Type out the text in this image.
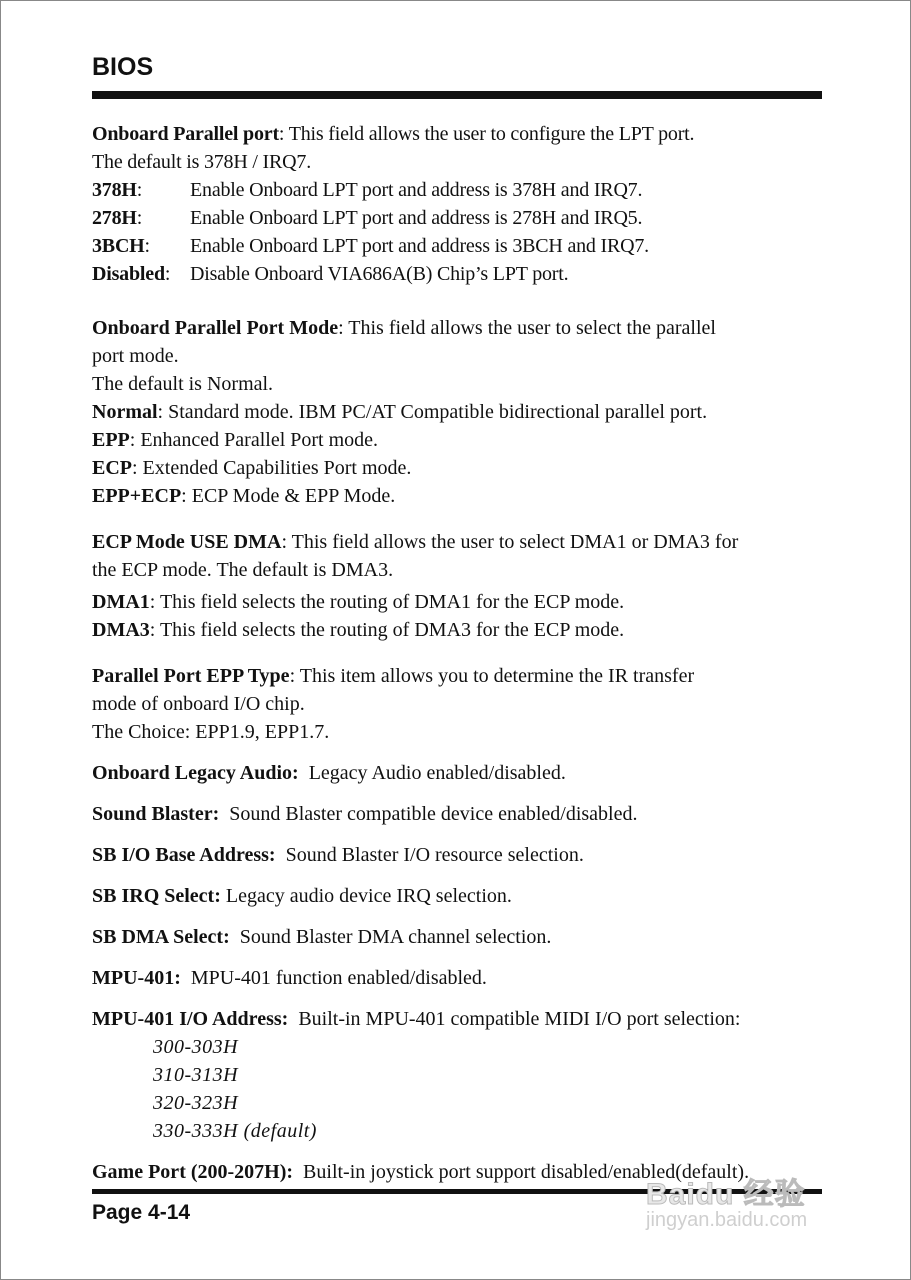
BIOS

Onboard Parallel port: This field allows the user to configure the LPT port.

The default is 378H / IRQ7.

378H:	Enable Onboard LPT port and address is 378H and IRQ7.
278H:	Enable Onboard LPT port and address is 278H and IRQ5.
3BCH:	Enable Onboard LPT port and address is 3BCH and IRQ7.
Disabled: Disable Onboard VIA686A(B) Chip’s LPT port.

Onboard Parallel Port Mode: This field allows the user to select the parallel

port mode.

The default is Normal.

Normal: Standard mode. IBM PC/AT Compatible bidirectional parallel port.

EPP: Enhanced Parallel Port mode.

ECP: Extended Capabilities Port mode.

EPP+ECP: ECP Mode & EPP Mode.

ECP Mode USE DMA: This field allows the user to select DMA1 or DMA3 for

the ECP mode. The default is DMA3.

DMA1: This field selects the routing of DMA1 for the ECP mode.

DMA3: This field selects the routing of DMA3 for the ECP mode.

Parallel Port EPP Type: This item allows you to determine the IR transfer

mode of onboard I/O chip.

The Choice: EPP1.9, EPP1.7.

Onboard Legacy Audio: Legacy Audio enabled/disabled.

Sound Blaster: Sound Blaster compatible device enabled/disabled.

SB I/O Base Address: Sound Blaster I/O resource selection.

SB IRQ Select: Legacy audio device IRQ selection.

SB DMA Select: Sound Blaster DMA channel selection.

MPU-401: MPU-401 function enabled/disabled.

MPU-401 I/O Address: Built-in MPU-401 compatible MIDI I/O port selection:

300-303H

310-313H

320-323H

330-333H (default)

Game Port (200-207H): Built-in joystick port support disabled/enabled(default).

Page 4-14
Baidu 经验
jingyan.baidu.com
